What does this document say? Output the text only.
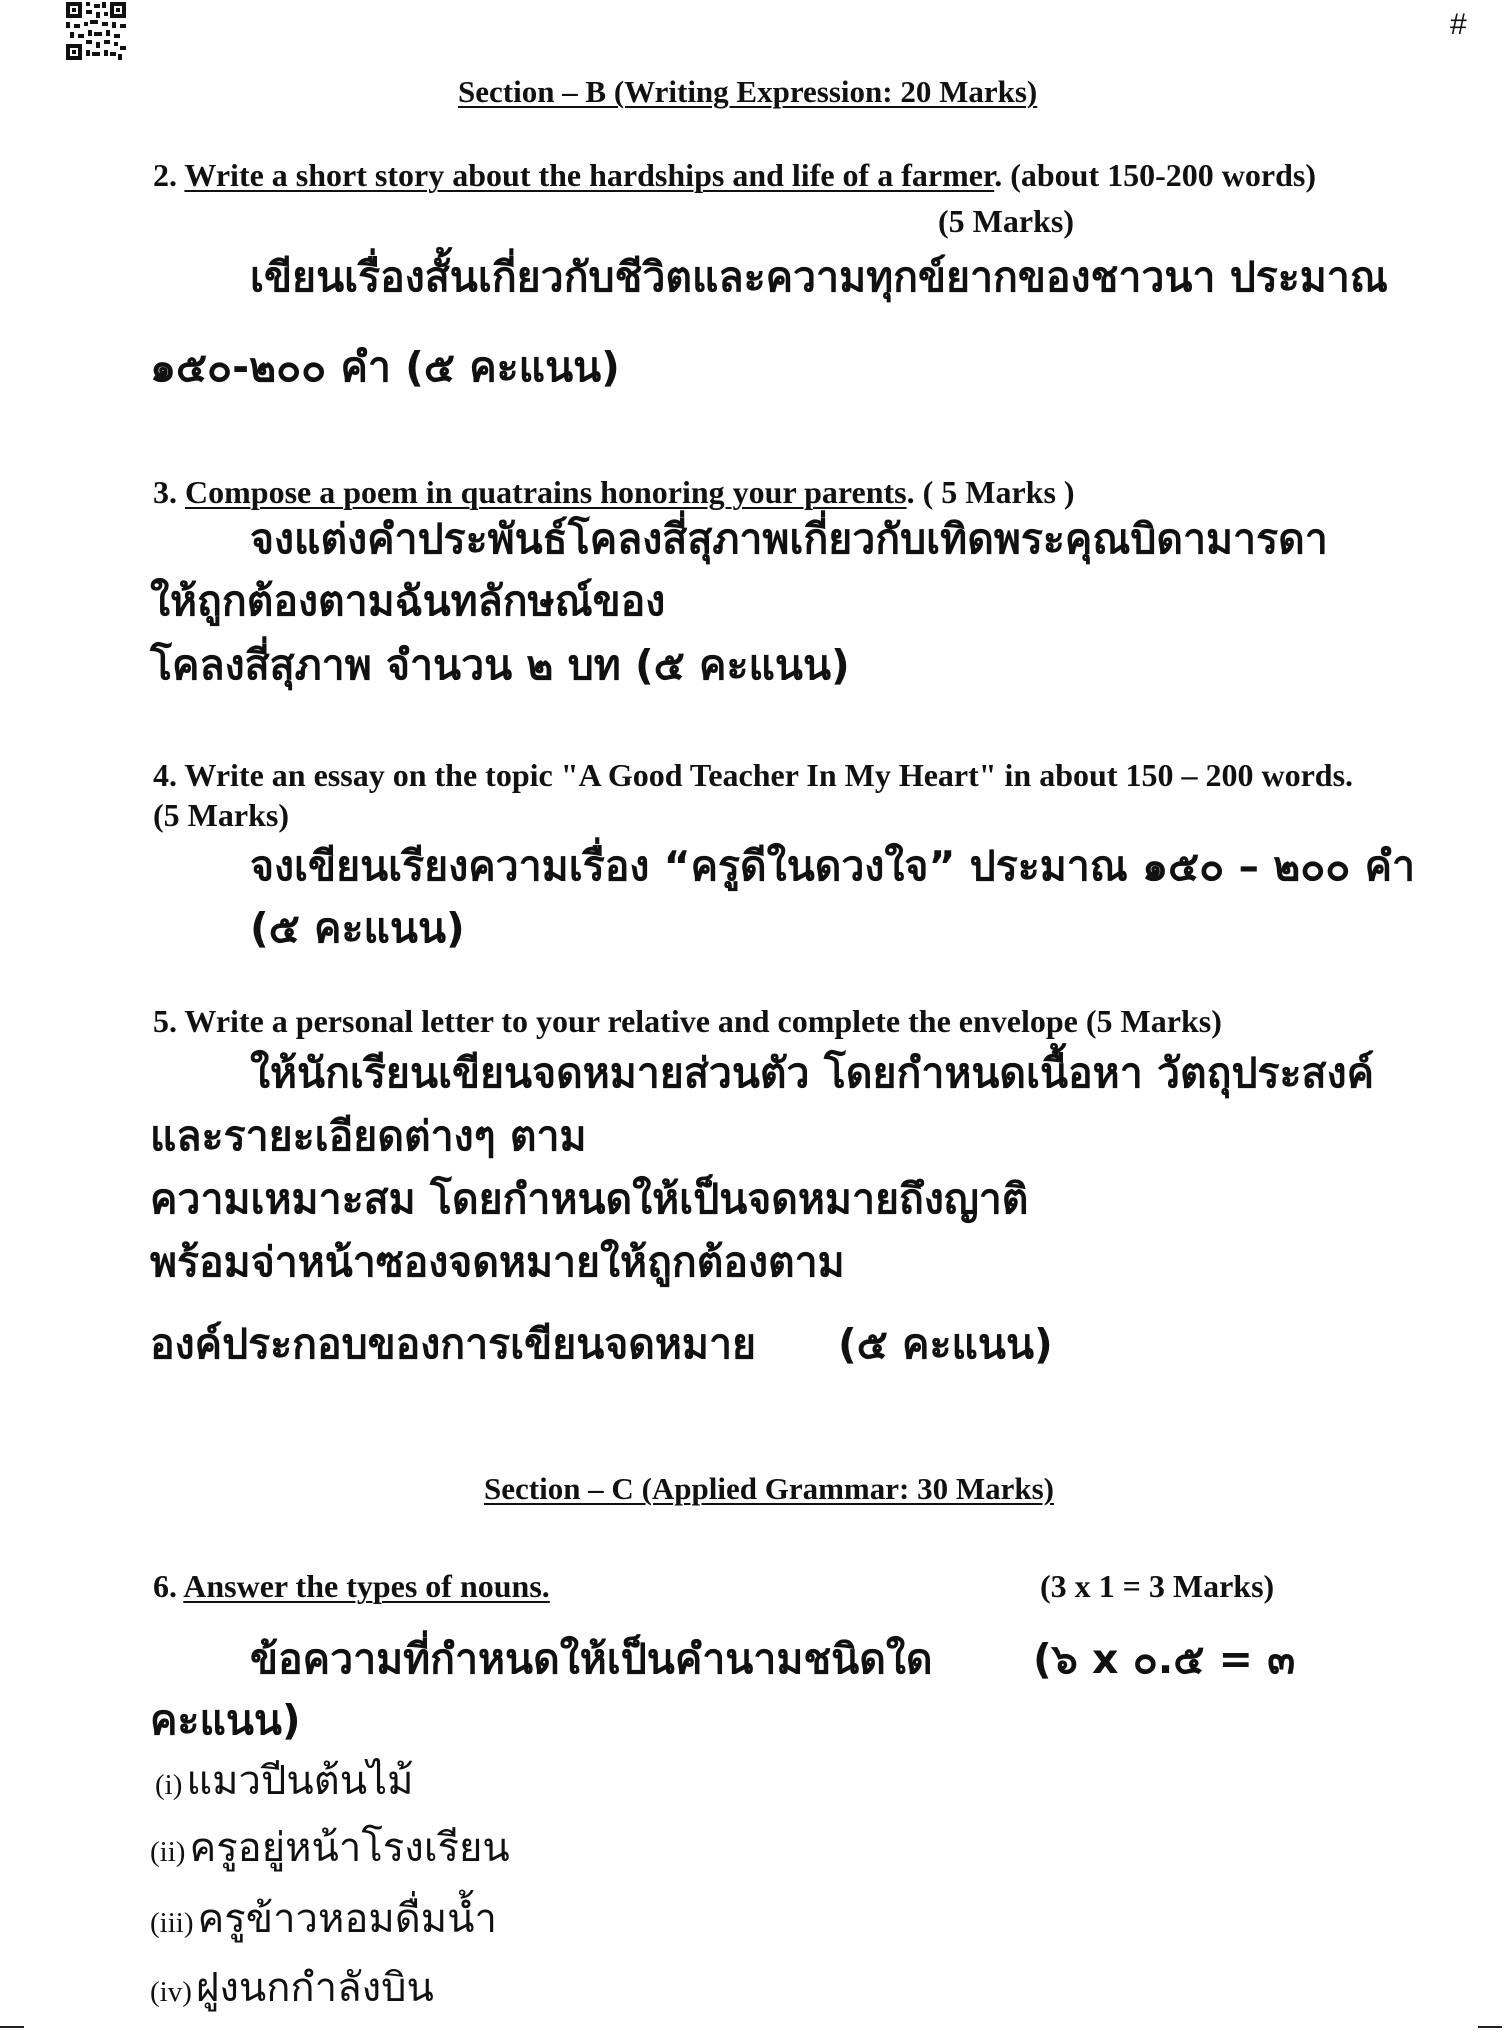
#
Section – B (Writing Expression: 20 Marks)
2. Write a short story about the hardships and life of a farmer. (about 150-200 words)
(5 Marks)
เขียนเรื่องสั้นเกี่ยวกับชีวิตและความทุกข์ยากของชาวนา ประมาณ
๑๕๐-๒๐๐ คำ (๕ คะแนน)
3. Compose a poem in quatrains honoring your parents. ( 5 Marks )
จงแต่งคำประพันธ์โคลงสี่สุภาพเกี่ยวกับเทิดพระคุณบิดามารดา
ให้ถูกต้องตามฉันทลักษณ์ของ
โคลงสี่สุภาพ จำนวน ๒ บท (๕ คะแนน)
4. Write an essay on the topic "A Good Teacher In My Heart" in about 150 – 200 words.
(5 Marks)
จงเขียนเรียงความเรื่อง “ครูดีในดวงใจ” ประมาณ ๑๕๐ – ๒๐๐ คำ
(๕ คะแนน)
5. Write a personal letter to your relative and complete the envelope (5 Marks)
ให้นักเรียนเขียนจดหมายส่วนตัว โดยกำหนดเนื้อหา วัตถุประสงค์
และรายะเอียดต่างๆ ตาม
ความเหมาะสม โดยกำหนดให้เป็นจดหมายถึงญาติ
พร้อมจ่าหน้าซองจดหมายให้ถูกต้องตาม
องค์ประกอบของการเขียนจดหมาย (๕ คะแนน)
Section – C (Applied Grammar: 30 Marks)
6. Answer the types of nouns.	(3 x 1 = 3 Marks)
ข้อความที่กำหนดให้เป็นคำนามชนิดใด (๖ x ๐.๕ = ๓
คะแนน)
(i) แมวปีนต้นไม้
(ii) ครูอยู่หน้าโรงเรียน
(iii) ครูข้าวหอมดื่มน้ำ
(iv) ฝูงนกกำลังบิน
